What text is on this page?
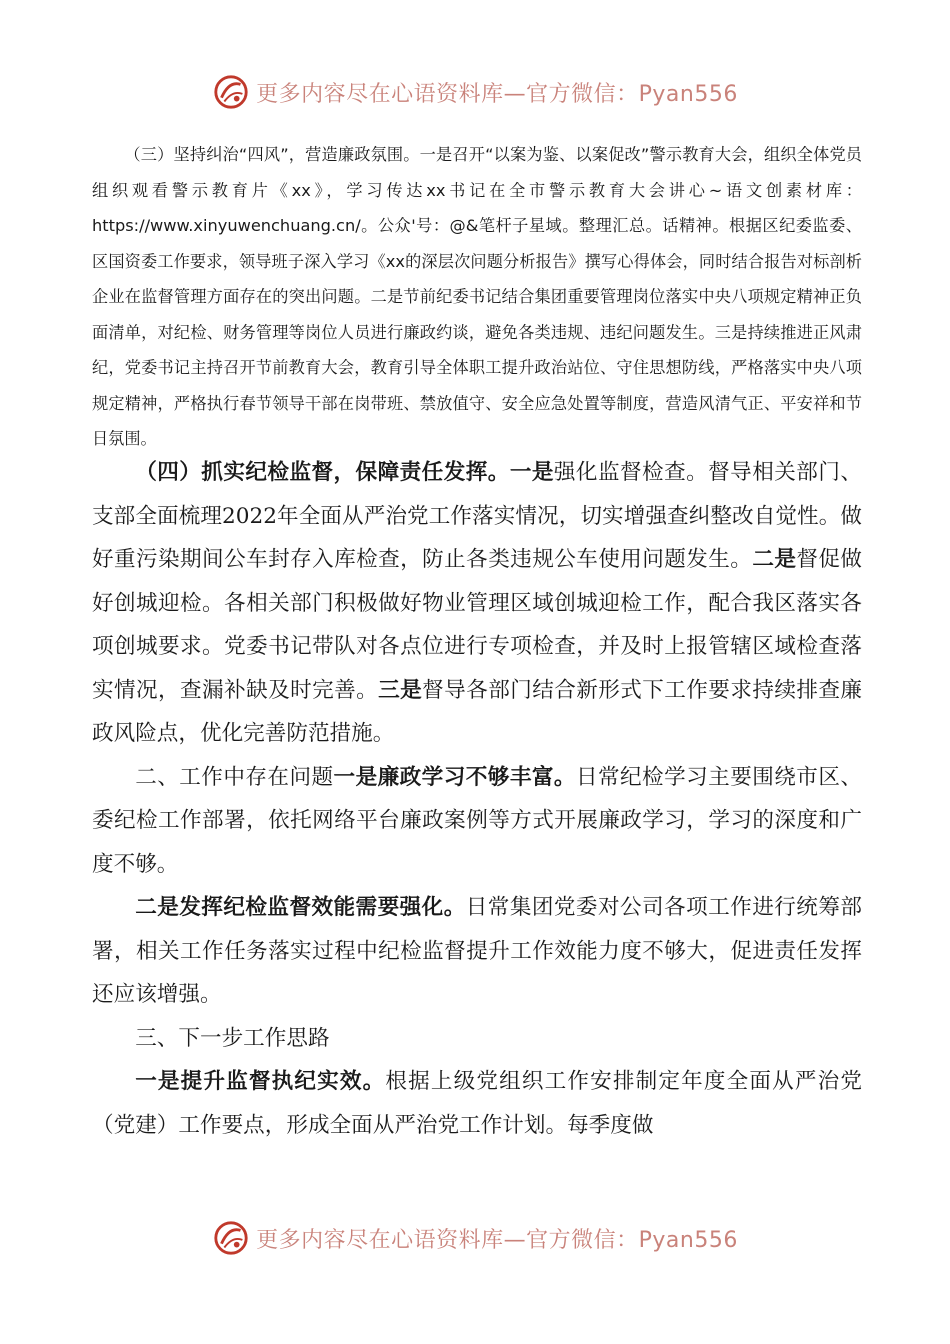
更多内容尽在心语资料库—官方微信：Pyan556

（三）坚持纠治“四风”，营造廉政氛围。一是召开“以案为鉴、以案促改”警示教育大会，组织全体党员组织观看警示教育片《xx》，学习传达xx书记在全市警示教育大会讲心~语文创素材库：https://www.xinyuwenchuang.cn/。公众'号：@&笔杆子星域。整理汇总。话精神。根据区纪委监委、区国资委工作要求，领导班子深入学习《xx的深层次问题分析报告》撰写心得体会，同时结合报告对标剖析企业在监督管理方面存在的突出问题。二是节前纪委书记结合集团重要管理岗位落实中央八项规定精神正负面清单，对纪检、财务管理等岗位人员进行廉政约谈，避免各类违规、违纪问题发生。三是持续推进正风肃纪，党委书记主持召开节前教育大会，教育引导全体职工提升政治站位、守住思想防线，严格落实中央八项规定精神，严格执行春节领导干部在岗带班、禁放值守、安全应急处置等制度，营造风清气正、平安祥和节日氛围。

（四）抓实纪检监督，保障责任发挥。一是强化监督检查。督导相关部门、支部全面梳理2022年全面从严治党工作落实情况，切实增强查纠整改自觉性。做好重污染期间公车封存入库检查，防止各类违规公车使用问题发生。二是督促做好创城迎检。各相关部门积极做好物业管理区域创城迎检工作，配合我区落实各项创城要求。党委书记带队对各点位进行专项检查，并及时上报管辖区域检查落实情况，查漏补缺及时完善。三是督导各部门结合新形式下工作要求持续排查廉政风险点，优化完善防范措施。

二、工作中存在问题一是廉政学习不够丰富。日常纪检学习主要围绕市区、委纪检工作部署，依托网络平台廉政案例等方式开展廉政学习，学习的深度和广度不够。

二是发挥纪检监督效能需要强化。日常集团党委对公司各项工作进行统筹部署，相关工作任务落实过程中纪检监督提升工作效能力度不够大，促进责任发挥还应该增强。

三、下一步工作思路

一是提升监督执纪实效。根据上级党组织工作安排制定年度全面从严治党（党建）工作要点，形成全面从严治党工作计划。每季度做

更多内容尽在心语资料库—官方微信：Pyan556
